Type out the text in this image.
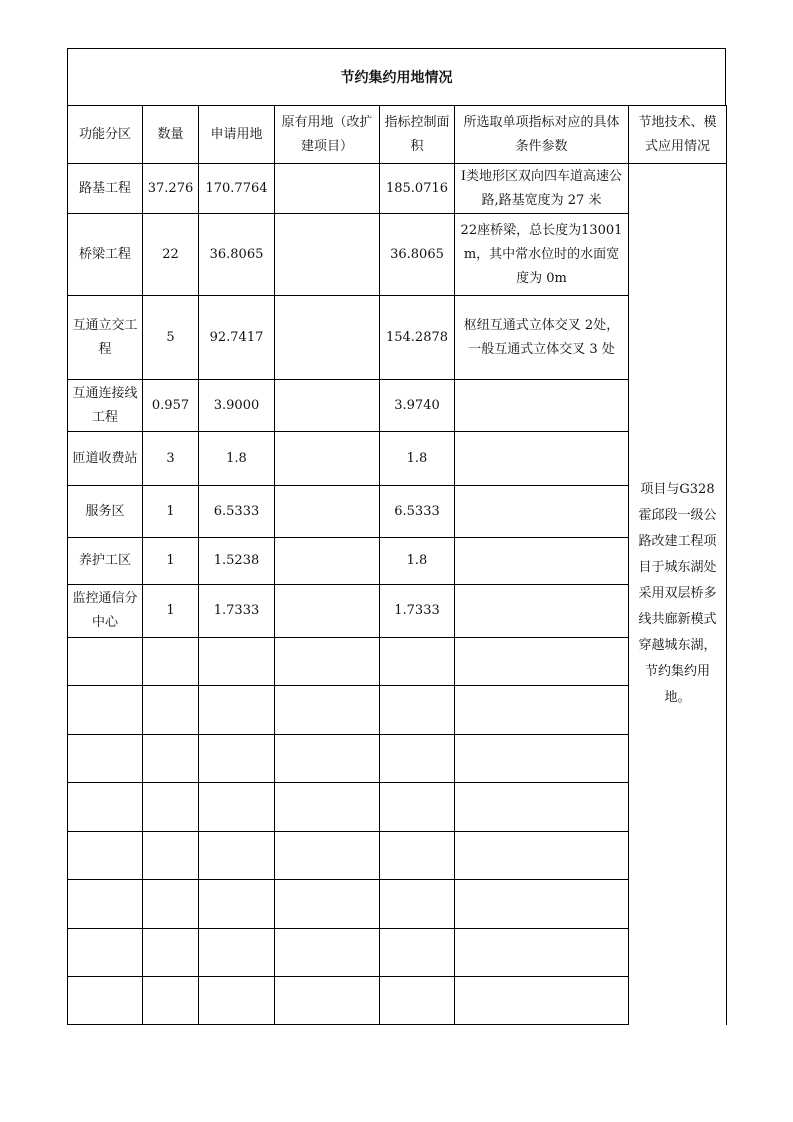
节约集约用地情况
功能分区	数量	申请用地	原有用地（改扩建项目）	指标控制面积	所选取单项指标对应的具体条件参数	节地技术、模式应用情况
路基工程	37.276	170.7764		185.0716	Ⅰ类地形区双向四车道高速公路,路基宽度为 27 米	项目与G328霍邱段一级公路改建工程项目于城东湖处采用双层桥多线共廊新模式穿越城东湖，节约集约用地。
桥梁工程	22	36.8065		36.8065	22座桥梁，总长度为13001m，其中常水位时的水面宽度为 0m	
互通立交工程	5	92.7417		154.2878	枢纽互通式立体交叉 2处，一般互通式立体交叉 3 处	
互通连接线工程	0.957	3.9000		3.9740		
匝道收费站	3	1.8		1.8		
服务区	1	6.5333		6.5333		
养护工区	1	1.5238		1.8		
监控通信分中心	1	1.7333		1.7333		
